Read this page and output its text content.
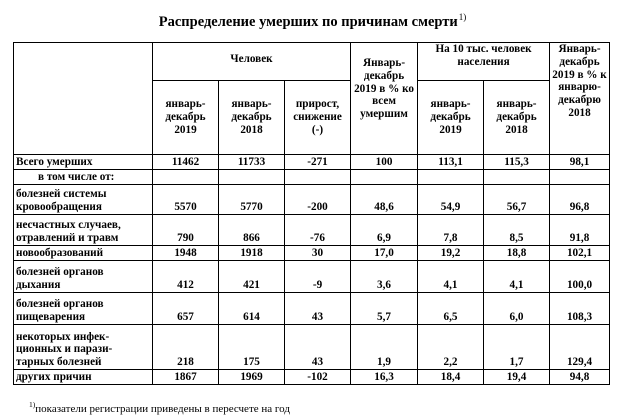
Распределение умерших по причинам смерти$^{1)}$
	Человек			Январь-декабрь 2019 в % ко всем умершим	На 10 тыс. человек населения		Январь-декабрь 2019 в % к январю-декабрю 2018
	январь-декабрь 2019	январь-декабрь 2018	прирост, снижение (-)		январь-декабрь 2019	январь-декабрь 2018	
Всего умерших	11462	11733	-271	100	113,1	115,3	98,1
в том числе от:							
болезней системы кровообращения	5570	5770	-200	48,6	54,9	56,7	96,8
несчастных случаев, отравлений и травм	790	866	-76	6,9	7,8	8,5	91,8
новообразований	1948	1918	30	17,0	19,2	18,8	102,1
болезней органов дыхания	412	421	-9	3,6	4,1	4,1	100,0
болезней органов пищеварения	657	614	43	5,7	6,5	6,0	108,3
некоторых инфек-ционных и парази-тарных болезней	218	175	43	1,9	2,2	1,7	129,4
других причин	1867	1969	-102	16,3	18,4	19,4	94,8
$^{1)}$показатели регистрации приведены в пересчете на год
